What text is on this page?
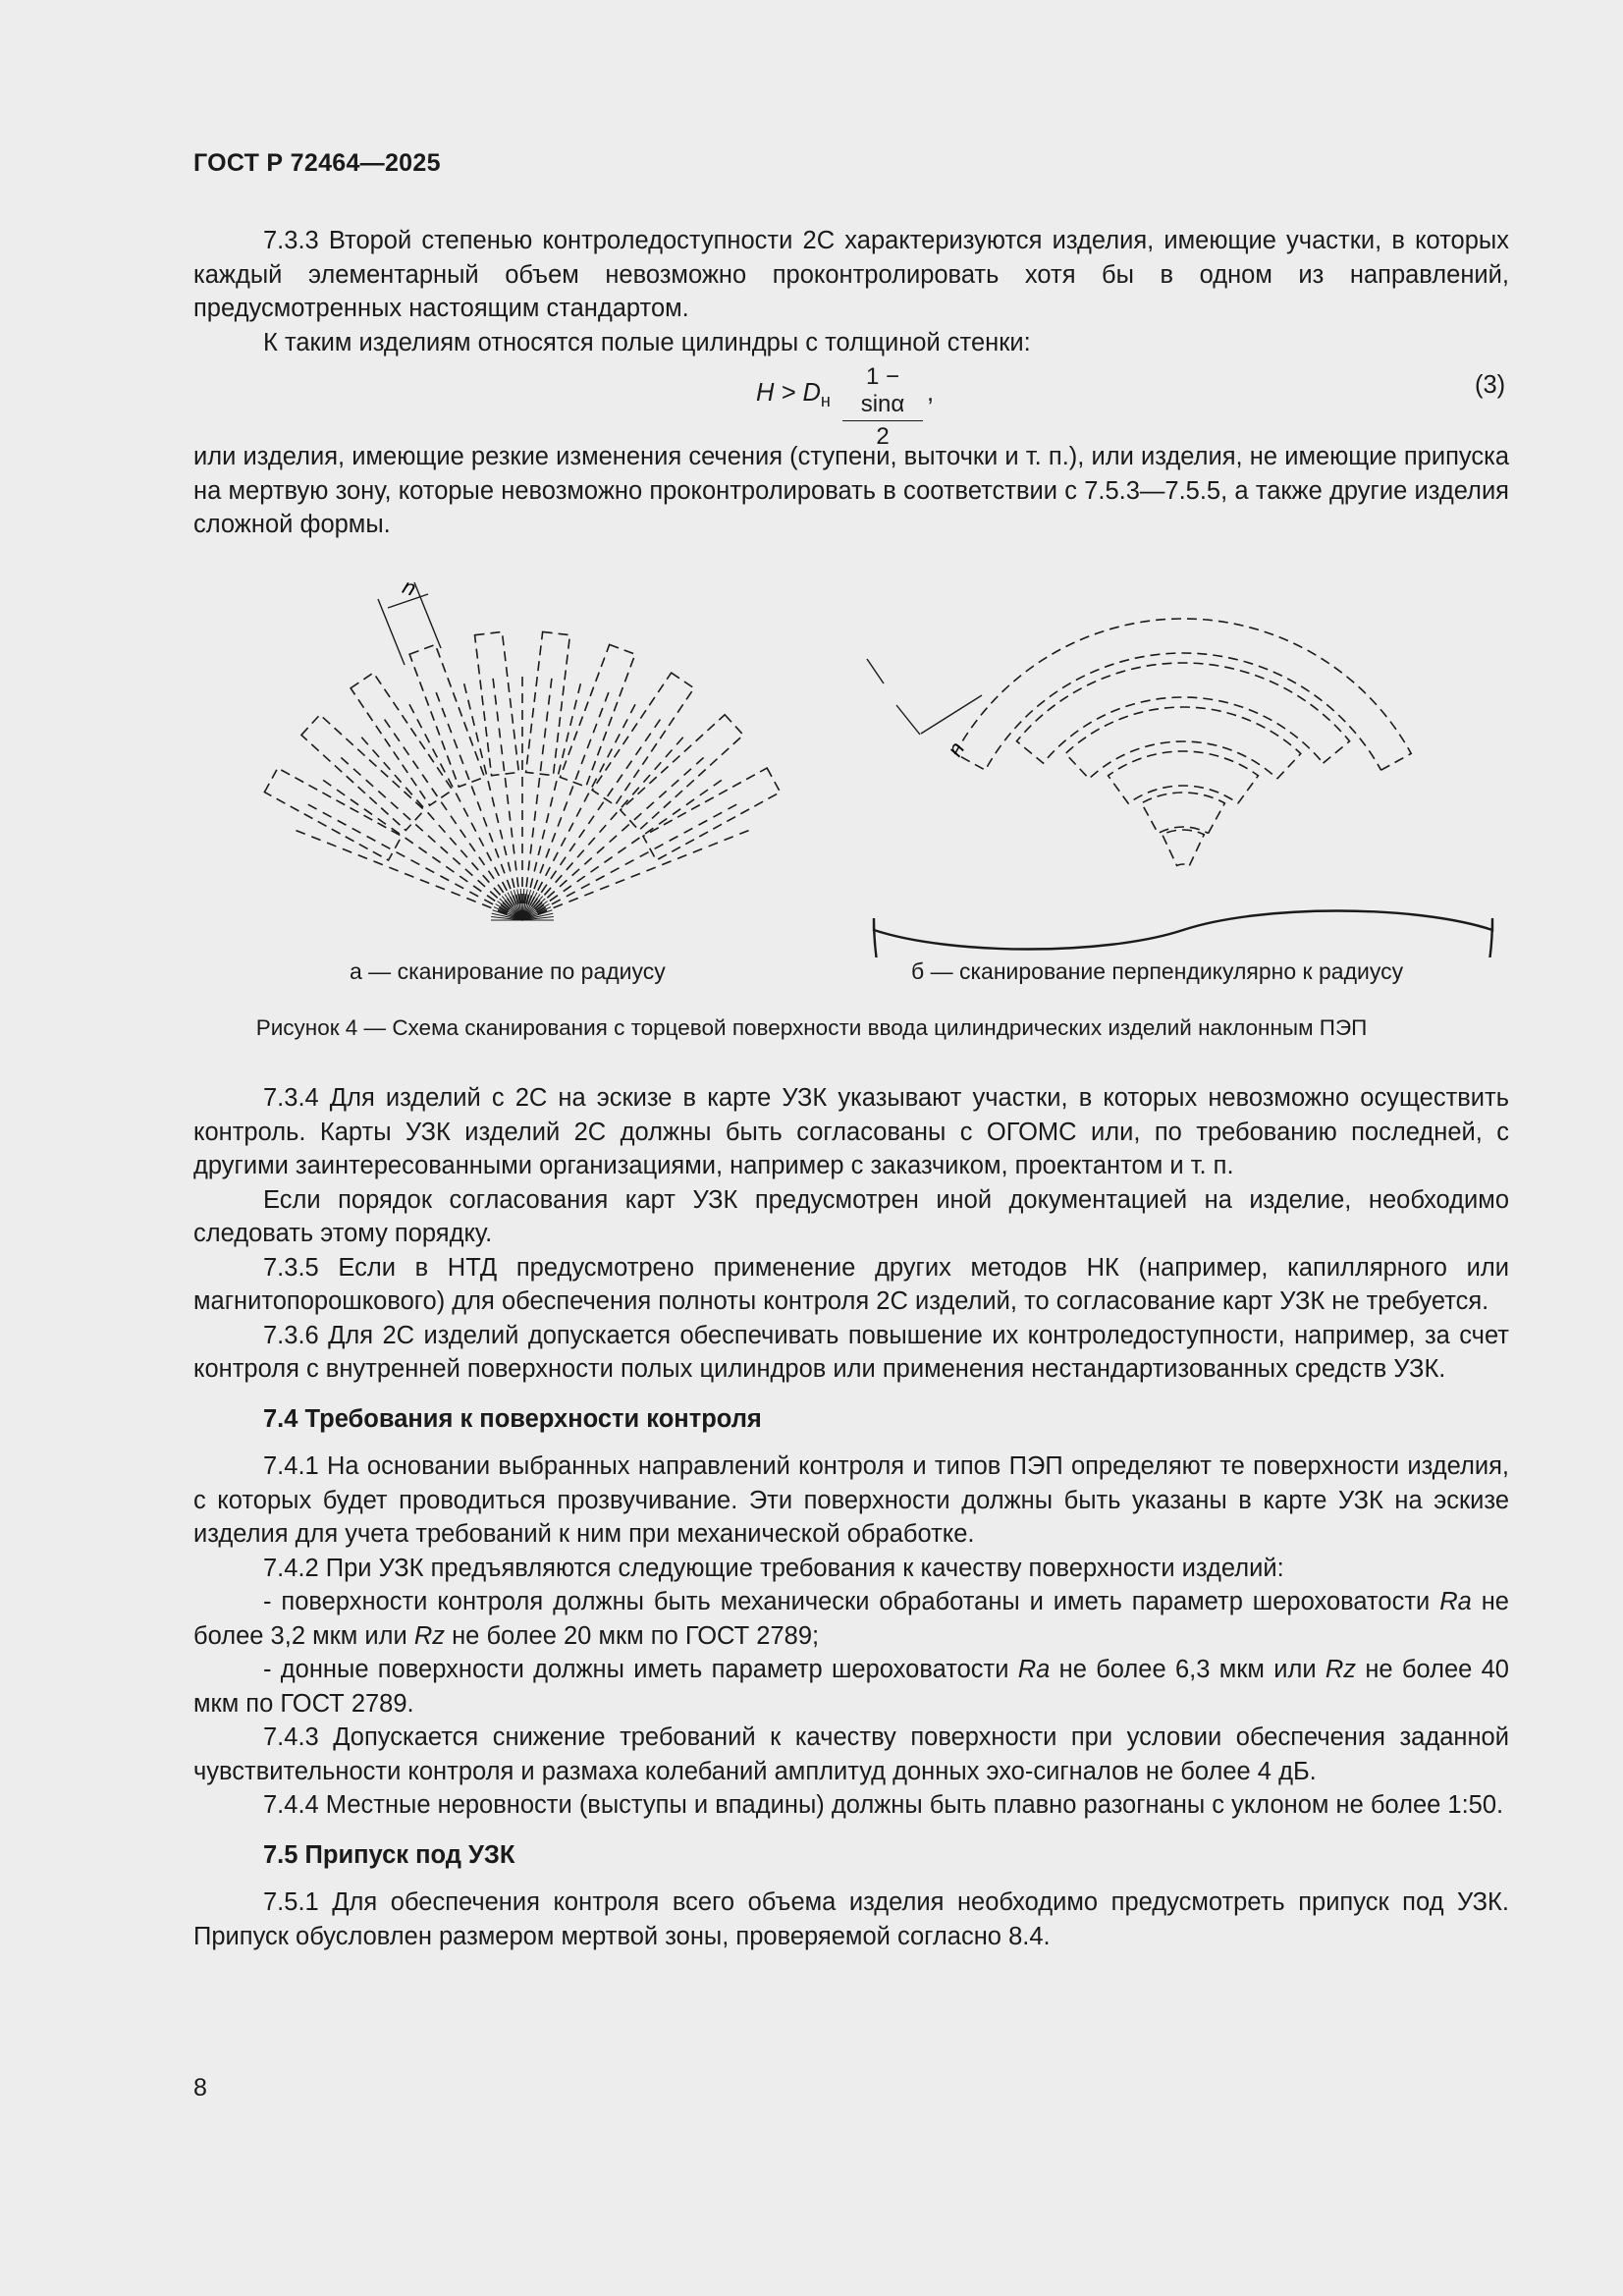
ГОСТ Р 72464—2025

7.3.3 Второй степенью контроледоступности 2С характеризуются изделия, имеющие участки, в которых каждый элементарный объем невозможно проконтролировать хотя бы в одном из направлений, предусмотренных настоящим стандартом.

К таким изделиям относятся полые цилиндры с толщиной стенки:

$H > D_н$
1 − sinα
2
,	(3)

или изделия, имеющие резкие изменения сечения (ступени, выточки и т. п.), или изделия, не имеющие припуска на мертвую зону, которые невозможно проконтролировать в соответствии с 7.5.3—7.5.5, а также другие изделия сложной формы.

n
n
а — сканирование по радиусу	б — сканирование перпендикулярно к радиусу
Рисунок 4 — Схема сканирования с торцевой поверхности ввода цилиндрических изделий наклонным ПЭП

7.3.4 Для изделий с 2С на эскизе в карте УЗК указывают участки, в которых невозможно осуществить контроль. Карты УЗК изделий 2С должны быть согласованы с ОГОМС или, по требованию последней, с другими заинтересованными организациями, например с заказчиком, проектантом и т. п.

Если порядок согласования карт УЗК предусмотрен иной документацией на изделие, необходимо следовать этому порядку.

7.3.5 Если в НТД предусмотрено применение других методов НК (например, капиллярного или магнитопорошкового) для обеспечения полноты контроля 2С изделий, то согласование карт УЗК не требуется.

7.3.6 Для 2С изделий допускается обеспечивать повышение их контроледоступности, например, за счет контроля с внутренней поверхности полых цилиндров или применения нестандартизованных средств УЗК.

7.4 Требования к поверхности контроля

7.4.1 На основании выбранных направлений контроля и типов ПЭП определяют те поверхности изделия, с которых будет проводиться прозвучивание. Эти поверхности должны быть указаны в карте УЗК на эскизе изделия для учета требований к ним при механической обработке.

7.4.2 При УЗК предъявляются следующие требования к качеству поверхности изделий:

- поверхности контроля должны быть механически обработаны и иметь параметр шероховатости Ra не более 3,2 мкм или Rz не более 20 мкм по ГОСТ 2789;

- донные поверхности должны иметь параметр шероховатости Ra не более 6,3 мкм или Rz не более 40 мкм по ГОСТ 2789.

7.4.3 Допускается снижение требований к качеству поверхности при условии обеспечения заданной чувствительности контроля и размаха колебаний амплитуд донных эхо-сигналов не более 4 дБ.

7.4.4 Местные неровности (выступы и впадины) должны быть плавно разогнаны с уклоном не более 1:50.

7.5 Припуск под УЗК

7.5.1 Для обеспечения контроля всего объема изделия необходимо предусмотреть припуск под УЗК. Припуск обусловлен размером мертвой зоны, проверяемой согласно 8.4.

8
